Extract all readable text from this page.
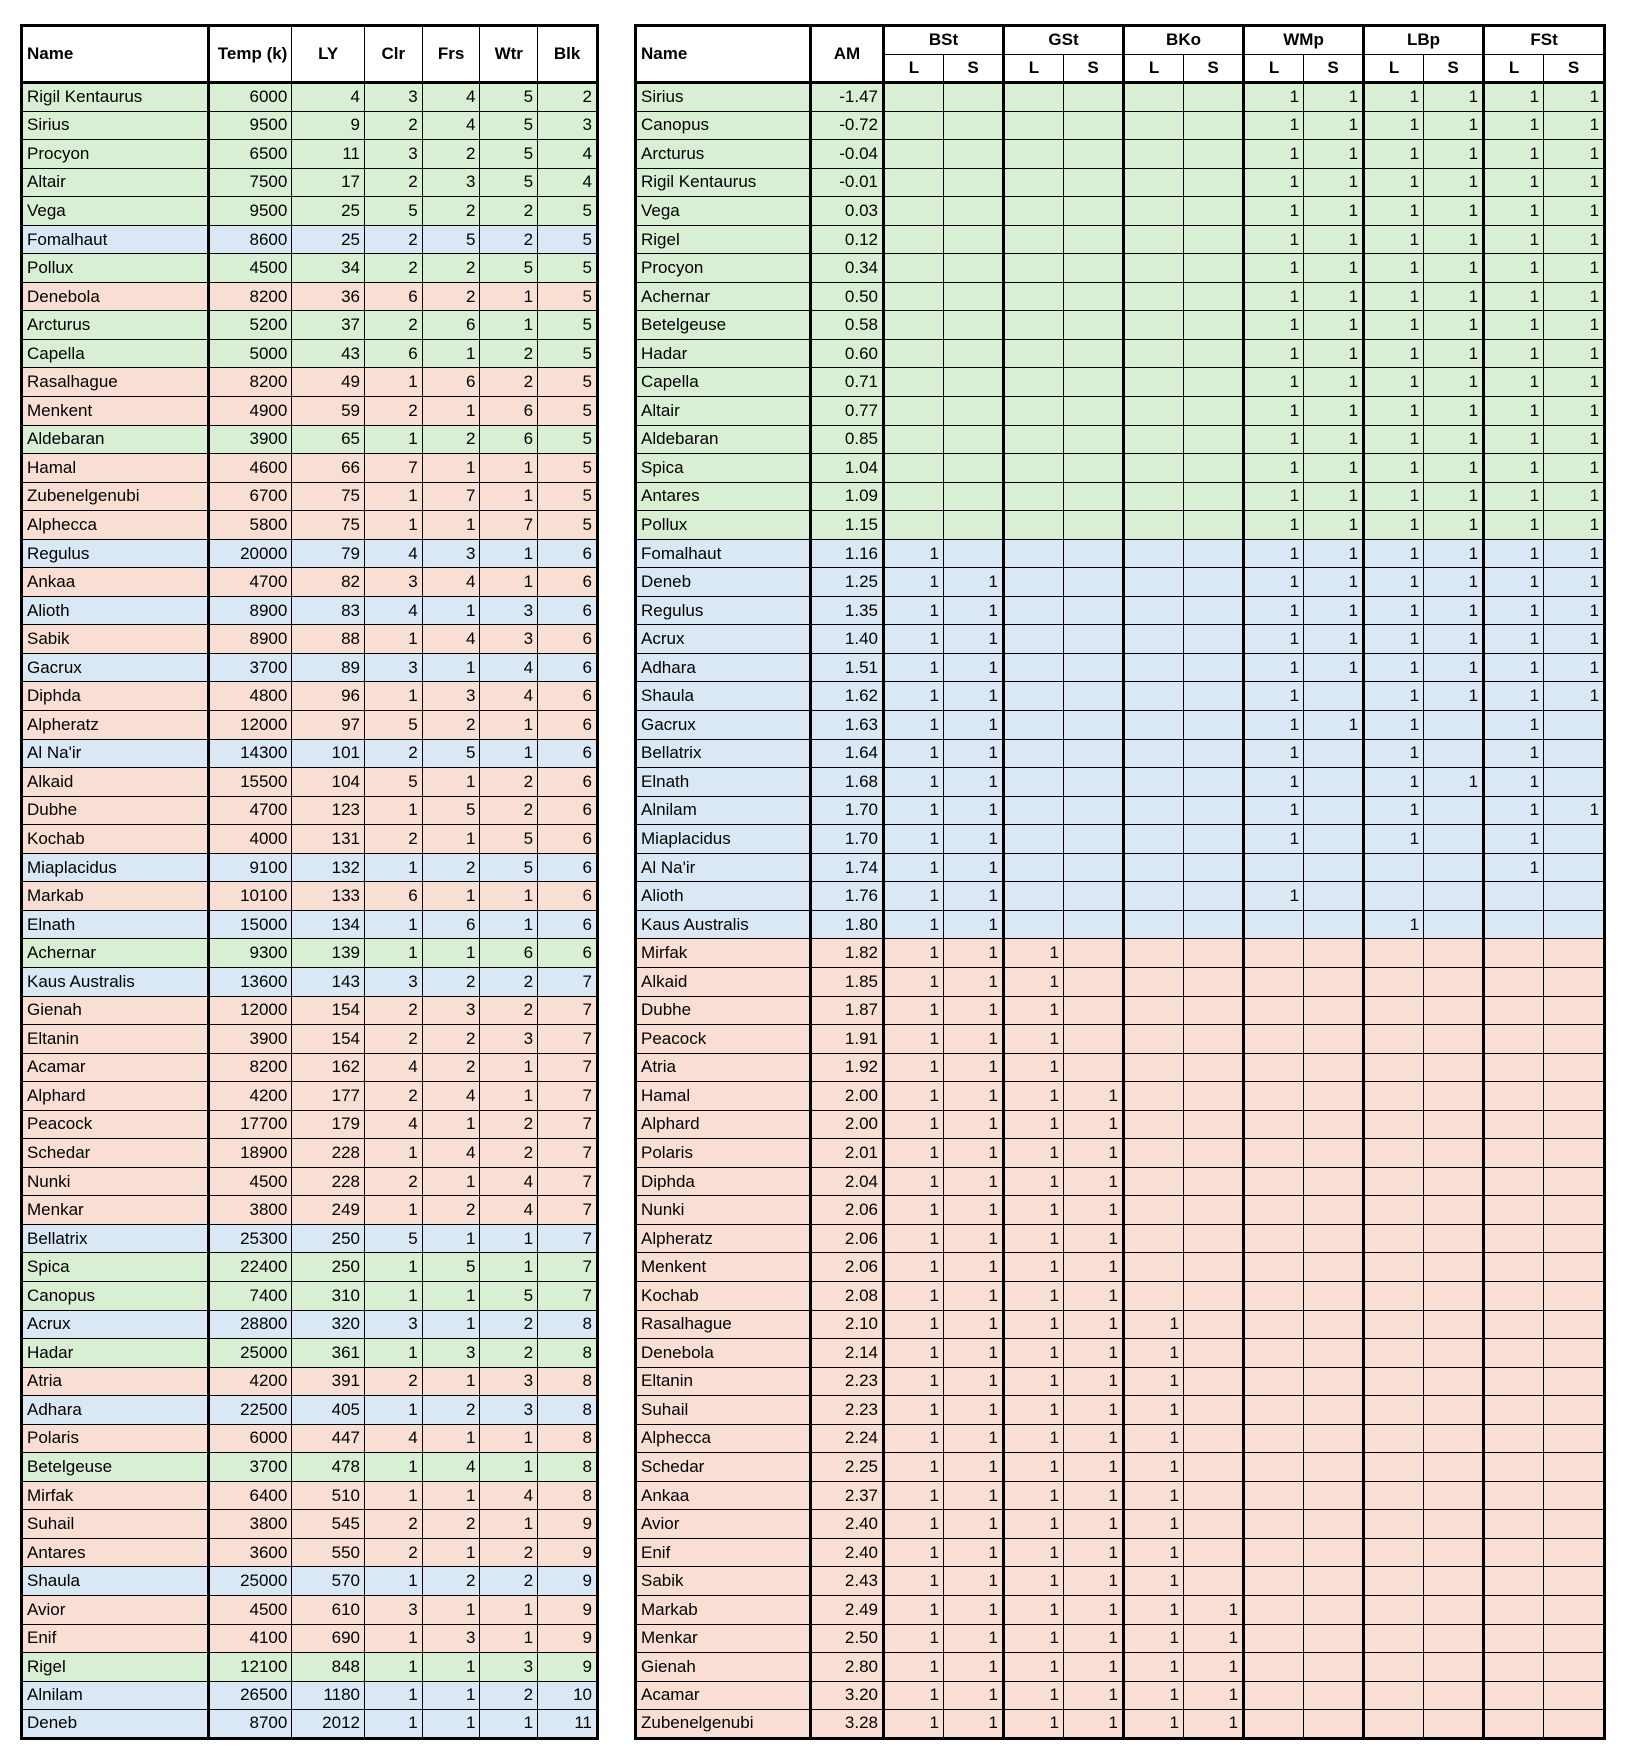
Name	Temp (k)	LY	Clr	Frs	Wtr	Blk
Rigil Kentaurus	6000	4	3	4	5	2
Sirius	9500	9	2	4	5	3
Procyon	6500	11	3	2	5	4
Altair	7500	17	2	3	5	4
Vega	9500	25	5	2	2	5
Fomalhaut	8600	25	2	5	2	5
Pollux	4500	34	2	2	5	5
Denebola	8200	36	6	2	1	5
Arcturus	5200	37	2	6	1	5
Capella	5000	43	6	1	2	5
Rasalhague	8200	49	1	6	2	5
Menkent	4900	59	2	1	6	5
Aldebaran	3900	65	1	2	6	5
Hamal	4600	66	7	1	1	5
Zubenelgenubi	6700	75	1	7	1	5
Alphecca	5800	75	1	1	7	5
Regulus	20000	79	4	3	1	6
Ankaa	4700	82	3	4	1	6
Alioth	8900	83	4	1	3	6
Sabik	8900	88	1	4	3	6
Gacrux	3700	89	3	1	4	6
Diphda	4800	96	1	3	4	6
Alpheratz	12000	97	5	2	1	6
Al Na'ir	14300	101	2	5	1	6
Alkaid	15500	104	5	1	2	6
Dubhe	4700	123	1	5	2	6
Kochab	4000	131	2	1	5	6
Miaplacidus	9100	132	1	2	5	6
Markab	10100	133	6	1	1	6
Elnath	15000	134	1	6	1	6
Achernar	9300	139	1	1	6	6
Kaus Australis	13600	143	3	2	2	7
Gienah	12000	154	2	3	2	7
Eltanin	3900	154	2	2	3	7
Acamar	8200	162	4	2	1	7
Alphard	4200	177	2	4	1	7
Peacock	17700	179	4	1	2	7
Schedar	18900	228	1	4	2	7
Nunki	4500	228	2	1	4	7
Menkar	3800	249	1	2	4	7
Bellatrix	25300	250	5	1	1	7
Spica	22400	250	1	5	1	7
Canopus	7400	310	1	1	5	7
Acrux	28800	320	3	1	2	8
Hadar	25000	361	1	3	2	8
Atria	4200	391	2	1	3	8
Adhara	22500	405	1	2	3	8
Polaris	6000	447	4	1	1	8
Betelgeuse	3700	478	1	4	1	8
Mirfak	6400	510	1	1	4	8
Suhail	3800	545	2	2	1	9
Antares	3600	550	2	1	2	9
Shaula	25000	570	1	2	2	9
Avior	4500	610	3	1	1	9
Enif	4100	690	1	3	1	9
Rigel	12100	848	1	1	3	9
Alnilam	26500	1180	1	1	2	10
Deneb	8700	2012	1	1	1	11
Name	AM	BSt		GSt		BKo		WMp		LBp		FSt	
		L	S	L	S	L	S	L	S	L	S	L	S
Sirius	-1.47							1	1	1	1	1	1
Canopus	-0.72							1	1	1	1	1	1
Arcturus	-0.04							1	1	1	1	1	1
Rigil Kentaurus	-0.01							1	1	1	1	1	1
Vega	0.03							1	1	1	1	1	1
Rigel	0.12							1	1	1	1	1	1
Procyon	0.34							1	1	1	1	1	1
Achernar	0.50							1	1	1	1	1	1
Betelgeuse	0.58							1	1	1	1	1	1
Hadar	0.60							1	1	1	1	1	1
Capella	0.71							1	1	1	1	1	1
Altair	0.77							1	1	1	1	1	1
Aldebaran	0.85							1	1	1	1	1	1
Spica	1.04							1	1	1	1	1	1
Antares	1.09							1	1	1	1	1	1
Pollux	1.15							1	1	1	1	1	1
Fomalhaut	1.16	1						1	1	1	1	1	1
Deneb	1.25	1	1					1	1	1	1	1	1
Regulus	1.35	1	1					1	1	1	1	1	1
Acrux	1.40	1	1					1	1	1	1	1	1
Adhara	1.51	1	1					1	1	1	1	1	1
Shaula	1.62	1	1					1		1	1	1	1
Gacrux	1.63	1	1					1	1	1		1	
Bellatrix	1.64	1	1					1		1		1	
Elnath	1.68	1	1					1		1	1	1	
Alnilam	1.70	1	1					1		1		1	1
Miaplacidus	1.70	1	1					1		1		1	
Al Na'ir	1.74	1	1									1	
Alioth	1.76	1	1					1					
Kaus Australis	1.80	1	1							1			
Mirfak	1.82	1	1	1									
Alkaid	1.85	1	1	1									
Dubhe	1.87	1	1	1									
Peacock	1.91	1	1	1									
Atria	1.92	1	1	1									
Hamal	2.00	1	1	1	1								
Alphard	2.00	1	1	1	1								
Polaris	2.01	1	1	1	1								
Diphda	2.04	1	1	1	1								
Nunki	2.06	1	1	1	1								
Alpheratz	2.06	1	1	1	1								
Menkent	2.06	1	1	1	1								
Kochab	2.08	1	1	1	1								
Rasalhague	2.10	1	1	1	1	1							
Denebola	2.14	1	1	1	1	1							
Eltanin	2.23	1	1	1	1	1							
Suhail	2.23	1	1	1	1	1							
Alphecca	2.24	1	1	1	1	1							
Schedar	2.25	1	1	1	1	1							
Ankaa	2.37	1	1	1	1	1							
Avior	2.40	1	1	1	1	1							
Enif	2.40	1	1	1	1	1							
Sabik	2.43	1	1	1	1	1							
Markab	2.49	1	1	1	1	1	1						
Menkar	2.50	1	1	1	1	1	1						
Gienah	2.80	1	1	1	1	1	1						
Acamar	3.20	1	1	1	1	1	1						
Zubenelgenubi	3.28	1	1	1	1	1	1						
